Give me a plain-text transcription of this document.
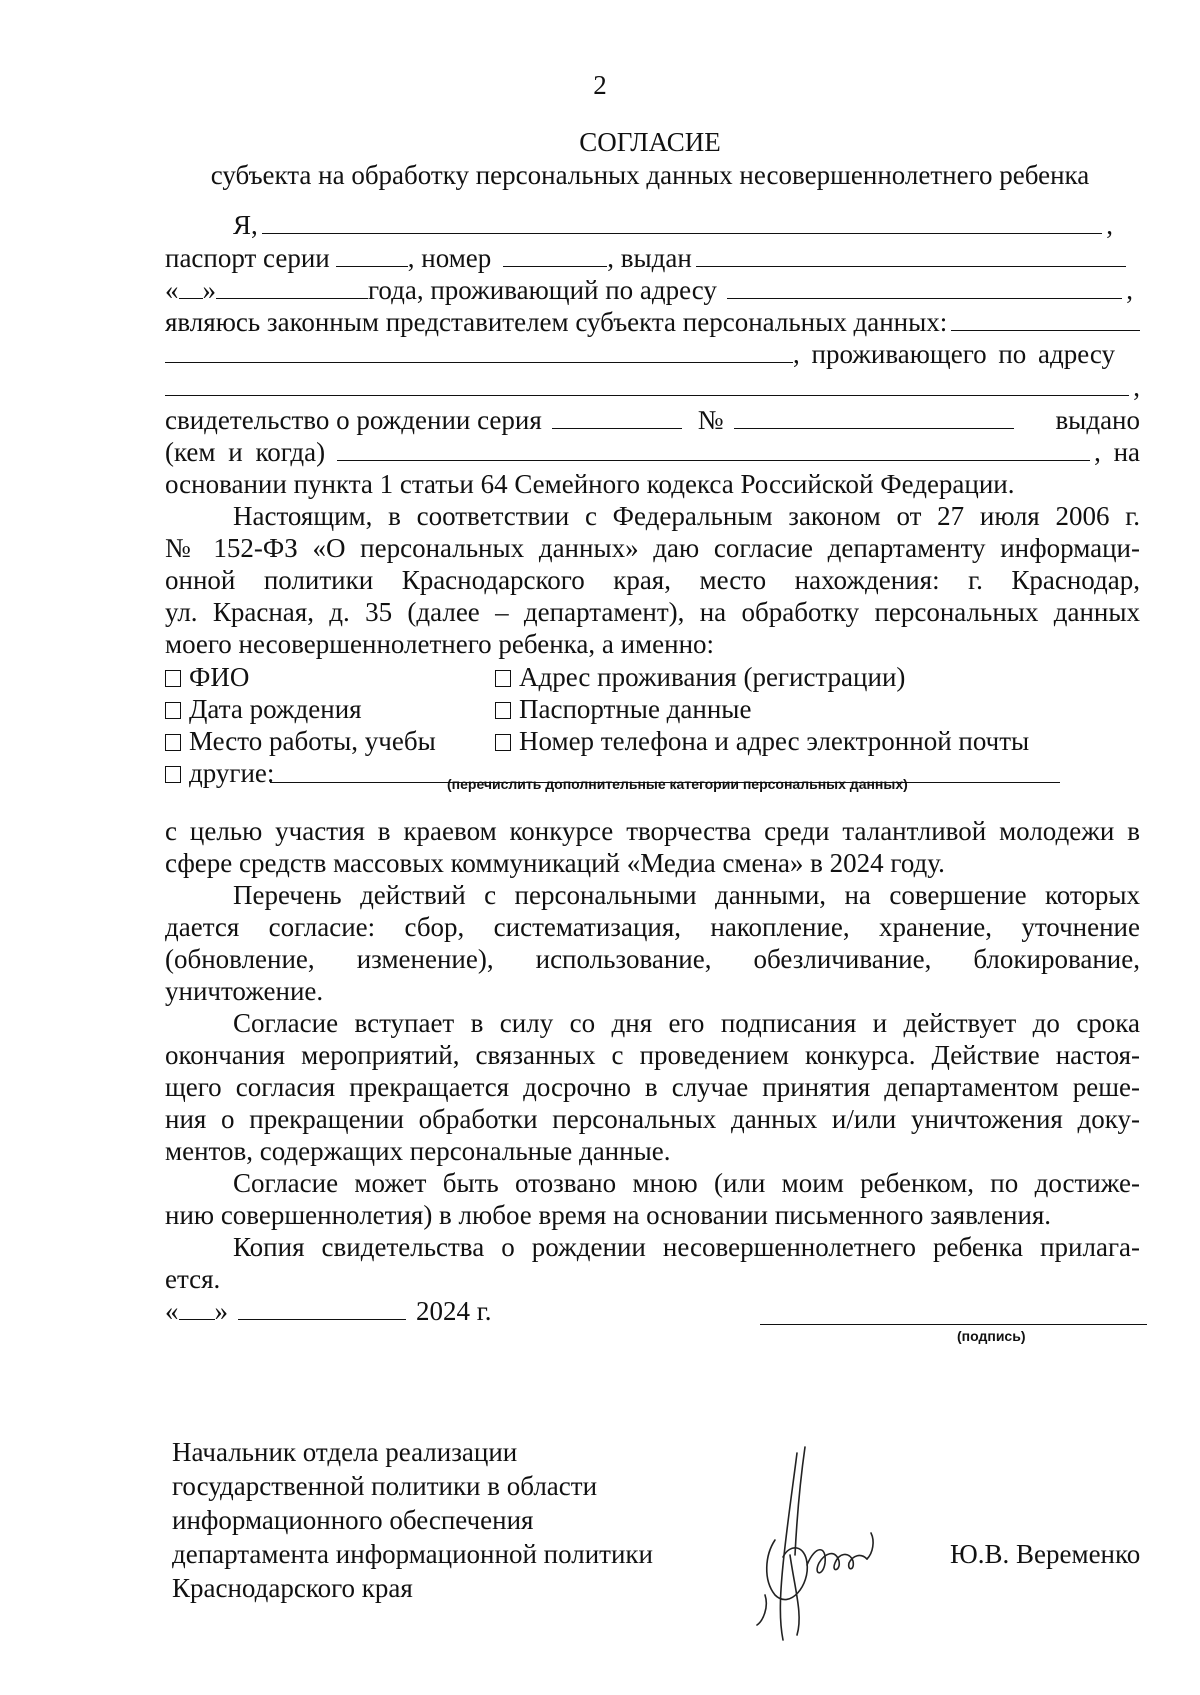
2
СОГЛАСИЕ
субъекта на обработку персональных данных несовершеннолетнего ребенка
Я,	,
паспорт серии	, номер	, выдан
« »	года, проживающий по адресу	,
являюсь законным представителем субъекта персональных данных:
, проживающего по адресу
,
свидетельство о рождении серия	№	выдано
(кем и когда)	, на
основании пункта 1 статьи 64 Семейного кодекса Российской Федерации.
Настоящим, в соответствии с Федеральным законом от 27 июля 2006 г.
№ 152-ФЗ «О персональных данных» даю согласие департаменту информаци-
онной политики Краснодарского края, место нахождения: г. Краснодар,
ул. Красная, д. 35 (далее – департамент), на обработку персональных данных
моего несовершеннолетнего ребенка, а именно:
ФИО	Адрес проживания (регистрации)
Дата рождения	Паспортные данные
Место работы, учебы	Номер телефона и адрес электронной почты
другие:	(перечислить дополнительные категории персональных данных)
с целью участия в краевом конкурсе творчества среди талантливой молодежи в
сфере средств массовых коммуникаций «Медиа смена» в 2024 году.
Перечень действий с персональными данными, на совершение которых
дается согласие: сбор, систематизация, накопление, хранение, уточнение
(обновление, изменение), использование, обезличивание, блокирование,
уничтожение.
Согласие вступает в силу со дня его подписания и действует до срока
окончания мероприятий, связанных с проведением конкурса. Действие настоя-
щего согласия прекращается досрочно в случае принятия департаментом реше-
ния о прекращении обработки персональных данных и/или уничтожения доку-
ментов, содержащих персональные данные.
Согласие может быть отозвано мною (или моим ребенком, по достиже-
нию совершеннолетия) в любое время на основании письменного заявления.
Копия свидетельства о рождении несовершеннолетнего ребенка прилага-
ется.
« »	2024 г.
(подпись)
Начальник отдела реализации
государственной политики в области
информационного обеспечения
департамента информационной политики
Краснодарского края
Ю.В. Веременко
